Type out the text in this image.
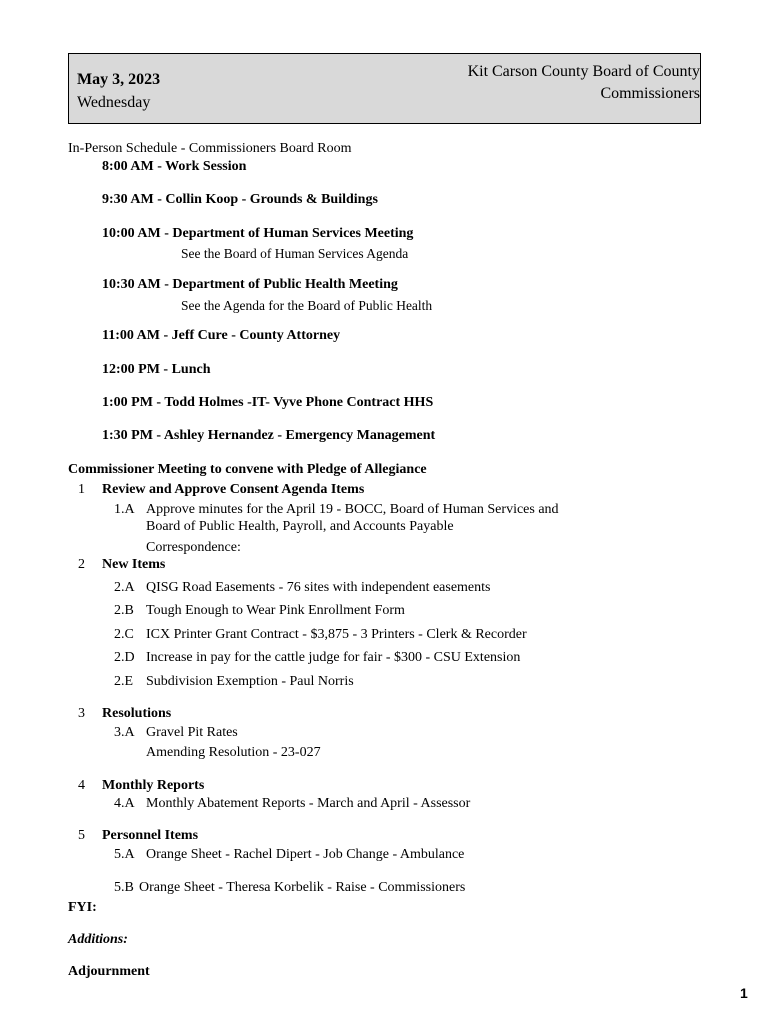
May 3, 2023
Wednesday
Kit Carson County Board of County Commissioners
In-Person Schedule - Commissioners Board Room
8:00 AM - Work Session
9:30 AM - Collin Koop - Grounds & Buildings
10:00 AM - Department of Human Services Meeting
See the Board of Human Services Agenda
10:30 AM - Department of Public Health Meeting
See the Agenda for the Board of Public Health
11:00 AM - Jeff Cure - County Attorney
12:00 PM - Lunch
1:00 PM - Todd Holmes -IT- Vyve Phone Contract HHS
1:30 PM - Ashley Hernandez - Emergency Management
Commissioner Meeting to convene with Pledge of Allegiance
1 Review and Approve Consent Agenda Items
1.A Approve minutes for the April 19 - BOCC, Board of Human Services and
Board of Public Health, Payroll, and Accounts Payable
Correspondence:
2 New Items
2.A QISG Road Easements - 76 sites with independent easements
2.B Tough Enough to Wear Pink Enrollment Form
2.C ICX Printer Grant Contract - $3,875 - 3 Printers - Clerk & Recorder
2.D Increase in pay for the cattle judge for fair - $300 - CSU Extension
2.E Subdivision Exemption - Paul Norris
3 Resolutions
3.A Gravel Pit Rates
Amending Resolution - 23-027
4 Monthly Reports
4.A Monthly Abatement Reports - March and April - Assessor
5 Personnel Items
5.A Orange Sheet - Rachel Dipert - Job Change - Ambulance
5.B Orange Sheet - Theresa Korbelik - Raise - Commissioners
FYI:
Additions:
Adjournment
1
